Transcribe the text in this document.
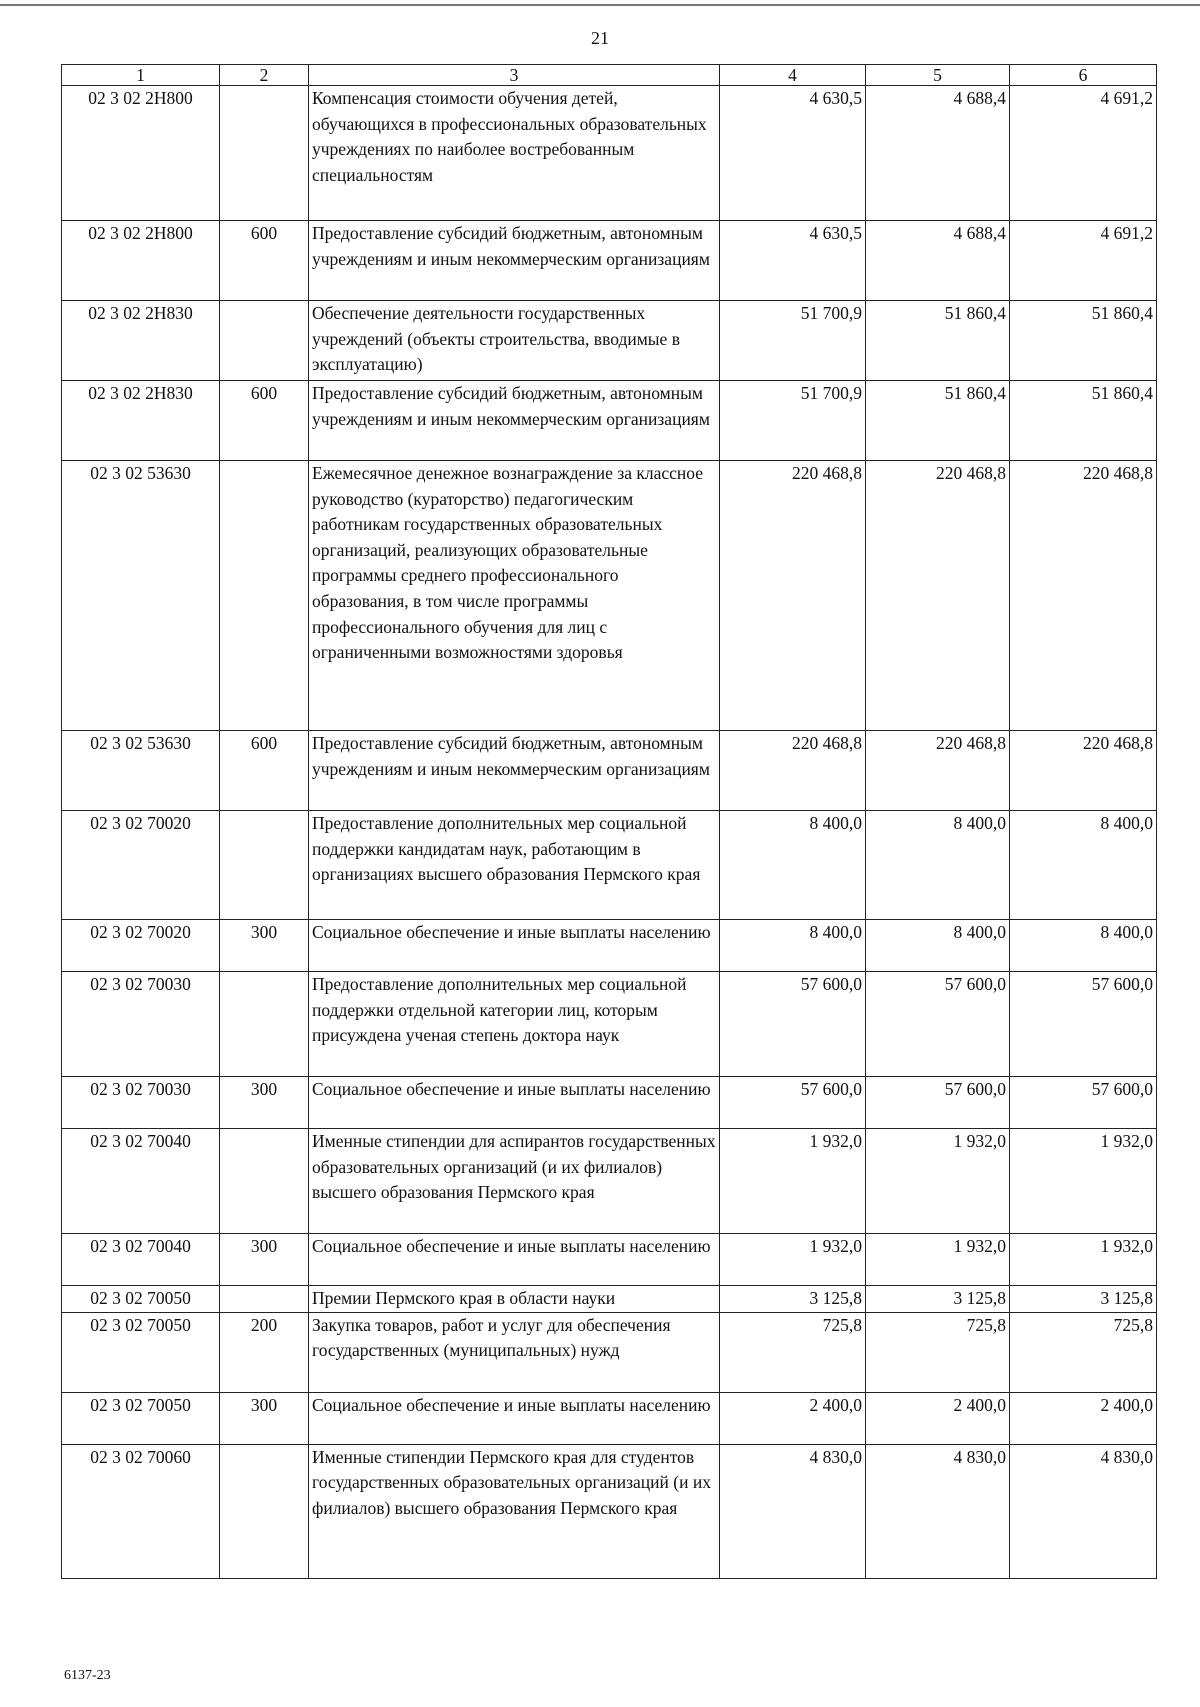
21
1	2	3	4	5	6
02 3 02 2Н800		Компенсация стоимости обучения детей, обучающихся в профессиональных образовательных учреждениях по наиболее востребованным специальностям	4 630,5	4 688,4	4 691,2
02 3 02 2Н800	600	Предоставление субсидий бюджетным, автономным учреждениям и иным некоммерческим организациям	4 630,5	4 688,4	4 691,2
02 3 02 2Н830		Обеспечение деятельности государственных учреждений (объекты строительства, вводимые в эксплуатацию)	51 700,9	51 860,4	51 860,4
02 3 02 2Н830	600	Предоставление субсидий бюджетным, автономным учреждениям и иным некоммерческим организациям	51 700,9	51 860,4	51 860,4
02 3 02 53630		Ежемесячное денежное вознаграждение за классное руководство (кураторство) педагогическим работникам государственных образовательных организаций, реализующих образовательные программы среднего профессионального образования, в том числе программы профессионального обучения для лиц с ограниченными возможностями здоровья	220 468,8	220 468,8	220 468,8
02 3 02 53630	600	Предоставление субсидий бюджетным, автономным учреждениям и иным некоммерческим организациям	220 468,8	220 468,8	220 468,8
02 3 02 70020		Предоставление дополнительных мер социальной поддержки кандидатам наук, работающим в организациях высшего образования Пермского края	8 400,0	8 400,0	8 400,0
02 3 02 70020	300	Социальное обеспечение и иные выплаты населению	8 400,0	8 400,0	8 400,0
02 3 02 70030		Предоставление дополнительных мер социальной поддержки отдельной категории лиц, которым присуждена ученая степень доктора наук	57 600,0	57 600,0	57 600,0
02 3 02 70030	300	Социальное обеспечение и иные выплаты населению	57 600,0	57 600,0	57 600,0
02 3 02 70040		Именные стипендии для аспирантов государственных образовательных организаций (и их филиалов) высшего образования Пермского края	1 932,0	1 932,0	1 932,0
02 3 02 70040	300	Социальное обеспечение и иные выплаты населению	1 932,0	1 932,0	1 932,0
02 3 02 70050		Премии Пермского края в области науки	3 125,8	3 125,8	3 125,8
02 3 02 70050	200	Закупка товаров, работ и услуг для обеспечения государственных (муниципальных) нужд	725,8	725,8	725,8
02 3 02 70050	300	Социальное обеспечение и иные выплаты населению	2 400,0	2 400,0	2 400,0
02 3 02 70060		Именные стипендии Пермского края для студентов государственных образовательных организаций (и их филиалов) высшего образования Пермского края	4 830,0	4 830,0	4 830,0
6137-23
